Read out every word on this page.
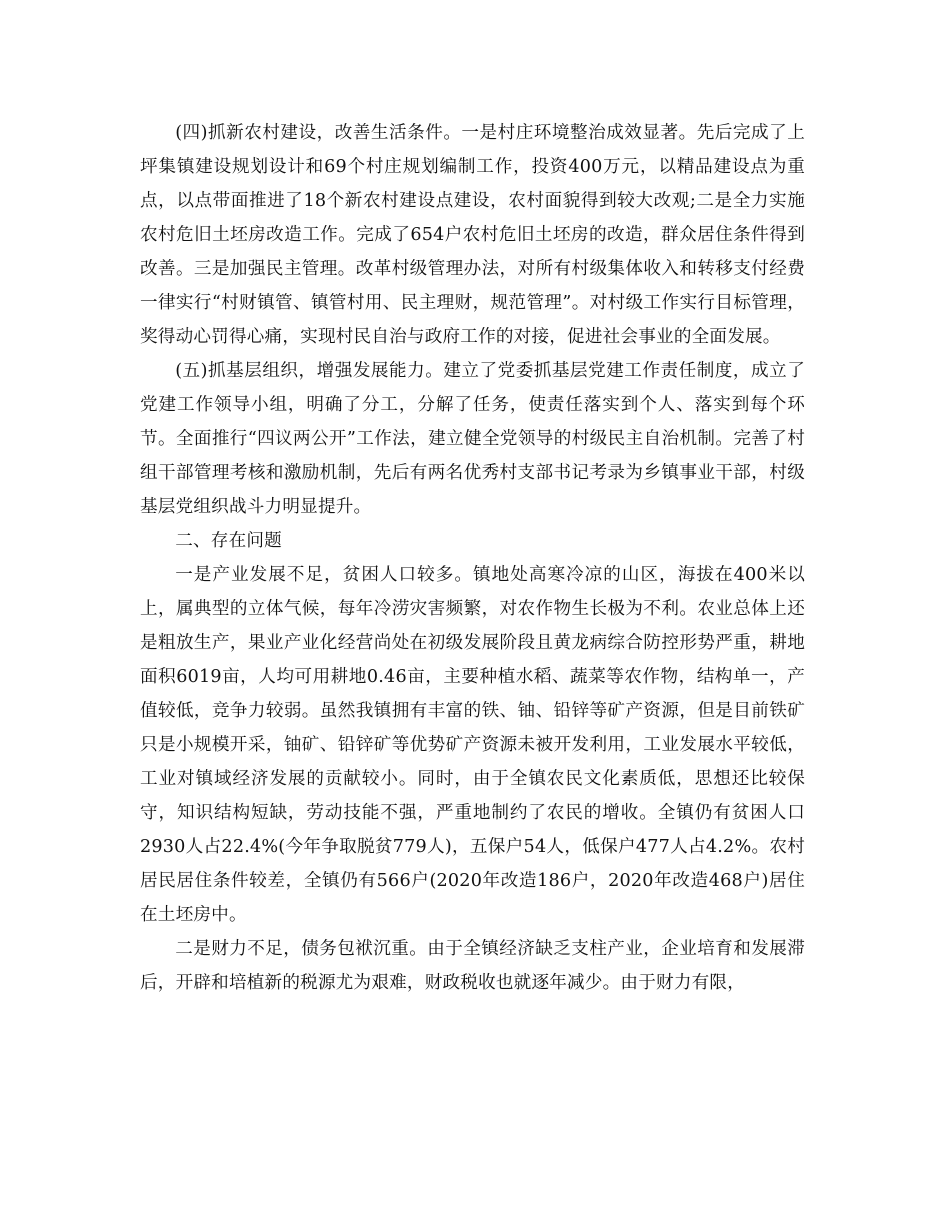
(四)抓新农村建设，改善生活条件。一是村庄环境整治成效显著。先后完成了上坪集镇建设规划设计和69个村庄规划编制工作，投资400万元，以精品建设点为重点，以点带面推进了18个新农村建设点建设，农村面貌得到较大改观;二是全力实施农村危旧土坯房改造工作。完成了654户农村危旧土坯房的改造，群众居住条件得到改善。三是加强民主管理。改革村级管理办法，对所有村级集体收入和转移支付经费一律实行“村财镇管、镇管村用、民主理财，规范管理”。对村级工作实行目标管理，奖得动心罚得心痛，实现村民自治与政府工作的对接，促进社会事业的全面发展。

(五)抓基层组织，增强发展能力。建立了党委抓基层党建工作责任制度，成立了党建工作领导小组，明确了分工，分解了任务，使责任落实到个人、落实到每个环节。全面推行“四议两公开”工作法，建立健全党领导的村级民主自治机制。完善了村组干部管理考核和激励机制，先后有两名优秀村支部书记考录为乡镇事业干部，村级基层党组织战斗力明显提升。

二、存在问题

一是产业发展不足，贫困人口较多。镇地处高寒冷凉的山区，海拔在400米以上，属典型的立体气候，每年冷涝灾害频繁，对农作物生长极为不利。农业总体上还是粗放生产，果业产业化经营尚处在初级发展阶段且黄龙病综合防控形势严重，耕地面积6019亩，人均可用耕地0.46亩，主要种植水稻、蔬菜等农作物，结构单一，产值较低，竞争力较弱。虽然我镇拥有丰富的铁、铀、铅锌等矿产资源，但是目前铁矿只是小规模开采，铀矿、铅锌矿等优势矿产资源未被开发利用，工业发展水平较低，工业对镇域经济发展的贡献较小。同时，由于全镇农民文化素质低，思想还比较保守，知识结构短缺，劳动技能不强，严重地制约了农民的增收。全镇仍有贫困人口2930人占22.4%(今年争取脱贫779人)，五保户54人，低保户477人占4.2%。农村居民居住条件较差，全镇仍有566户(2020年改造186户，2020年改造468户)居住在土坯房中。

二是财力不足，债务包袱沉重。由于全镇经济缺乏支柱产业，企业培育和发展滞后，开辟和培植新的税源尤为艰难，财政税收也就逐年减少。由于财力有限，
